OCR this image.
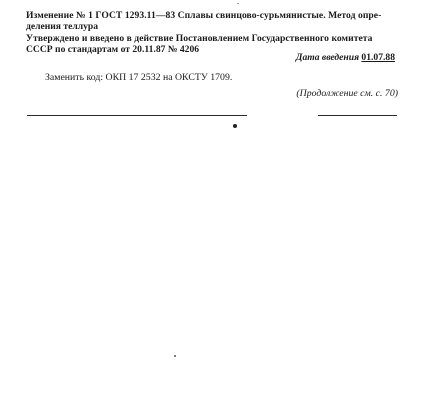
Изменение № 1 ГОСТ 1293.11—83 Сплавы свинцово-сурьмянистые. Метод опре-
деления теллура
Утверждено и введено в действие Постановлением Государственного комитета
СССР по стандартам от 20.11.87 № 4206
Дата введения 01.07.88
Заменить код: ОКП 17 2532 на ОКСТУ 1709.
(Продолжение см. с. 70)
